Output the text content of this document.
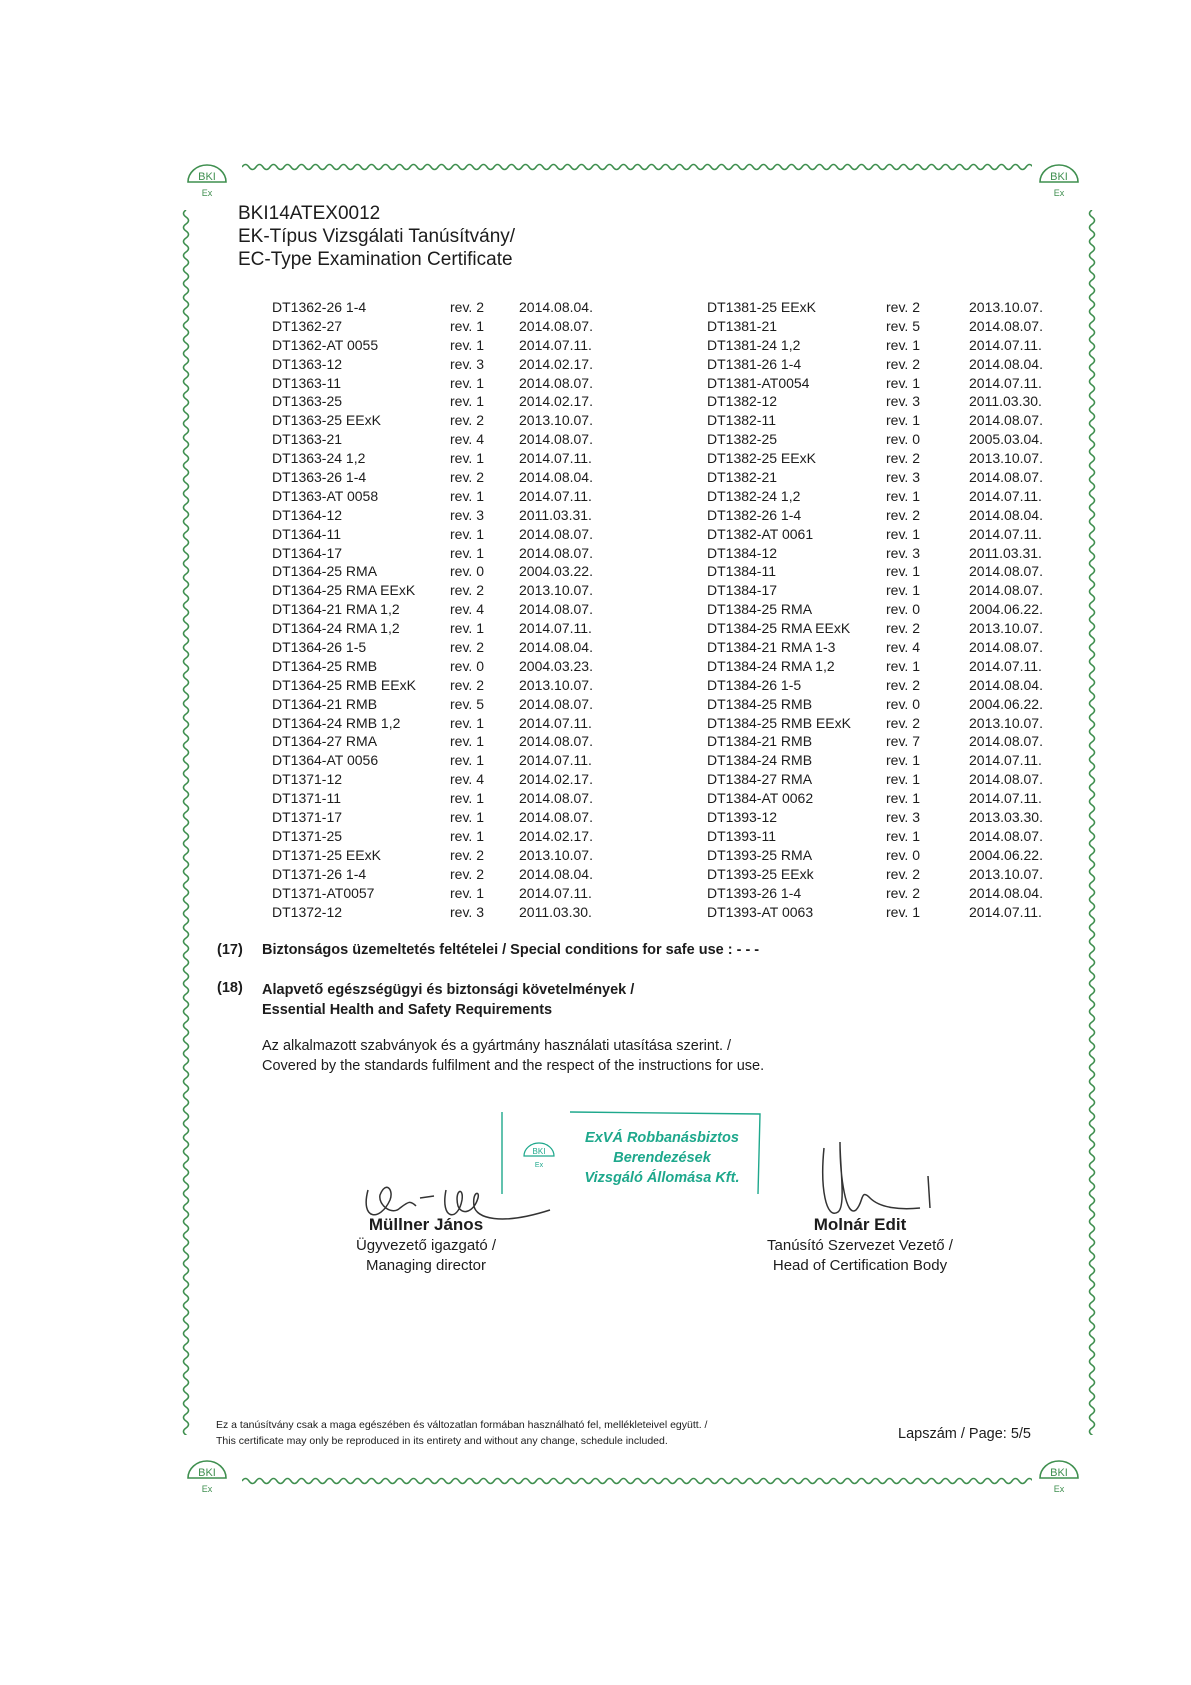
BKI
Ex
BKI
Ex
BKI
Ex
BKI
Ex
BKI14ATEX0012
EK-Típus Vizsgálati Tanúsítvány/
EC-Type Examination Certificate
DT1362-26 1-4	rev. 2	2014.08.04.
DT1362-27	rev. 1	2014.08.07.
DT1362-AT 0055	rev. 1	2014.07.11.
DT1363-12	rev. 3	2014.02.17.
DT1363-11	rev. 1	2014.08.07.
DT1363-25	rev. 1	2014.02.17.
DT1363-25 EExK	rev. 2	2013.10.07.
DT1363-21	rev. 4	2014.08.07.
DT1363-24 1,2	rev. 1	2014.07.11.
DT1363-26 1-4	rev. 2	2014.08.04.
DT1363-AT 0058	rev. 1	2014.07.11.
DT1364-12	rev. 3	2011.03.31.
DT1364-11	rev. 1	2014.08.07.
DT1364-17	rev. 1	2014.08.07.
DT1364-25 RMA	rev. 0	2004.03.22.
DT1364-25 RMA EExK rev. 2	2013.10.07.
DT1364-21 RMA 1,2	rev. 4	2014.08.07.
DT1364-24 RMA 1,2	rev. 1	2014.07.11.
DT1364-26 1-5	rev. 2	2014.08.04.
DT1364-25 RMB	rev. 0	2004.03.23.
DT1364-25 RMB EExK rev. 2	2013.10.07.
DT1364-21 RMB	rev. 5	2014.08.07.
DT1364-24 RMB 1,2	rev. 1	2014.07.11.
DT1364-27 RMA	rev. 1	2014.08.07.
DT1364-AT 0056	rev. 1	2014.07.11.
DT1371-12	rev. 4	2014.02.17.
DT1371-11	rev. 1	2014.08.07.
DT1371-17	rev. 1	2014.08.07.
DT1371-25	rev. 1	2014.02.17.
DT1371-25 EExK	rev. 2	2013.10.07.
DT1371-26 1-4	rev. 2	2014.08.04.
DT1371-AT0057	rev. 1	2014.07.11.
DT1372-12	rev. 3	2011.03.30.
DT1381-25 EExK	rev. 2	2013.10.07.
DT1381-21	rev. 5	2014.08.07.
DT1381-24 1,2	rev. 1	2014.07.11.
DT1381-26 1-4	rev. 2	2014.08.04.
DT1381-AT0054	rev. 1	2014.07.11.
DT1382-12	rev. 3	2011.03.30.
DT1382-11	rev. 1	2014.08.07.
DT1382-25	rev. 0	2005.03.04.
DT1382-25 EExK	rev. 2	2013.10.07.
DT1382-21	rev. 3	2014.08.07.
DT1382-24 1,2	rev. 1	2014.07.11.
DT1382-26 1-4	rev. 2	2014.08.04.
DT1382-AT 0061	rev. 1	2014.07.11.
DT1384-12	rev. 3	2011.03.31.
DT1384-11	rev. 1	2014.08.07.
DT1384-17	rev. 1	2014.08.07.
DT1384-25 RMA	rev. 0	2004.06.22.
DT1384-25 RMA EExK	rev. 2	2013.10.07.
DT1384-21 RMA 1-3	rev. 4	2014.08.07.
DT1384-24 RMA 1,2	rev. 1	2014.07.11.
DT1384-26 1-5	rev. 2	2014.08.04.
DT1384-25 RMB	rev. 0	2004.06.22.
DT1384-25 RMB EExK	rev. 2	2013.10.07.
DT1384-21 RMB	rev. 7	2014.08.07.
DT1384-24 RMB	rev. 1	2014.07.11.
DT1384-27 RMA	rev. 1	2014.08.07.
DT1384-AT 0062	rev. 1	2014.07.11.
DT1393-12	rev. 3	2013.03.30.
DT1393-11	rev. 1	2014.08.07.
DT1393-25 RMA	rev. 0	2004.06.22.
DT1393-25 EExk	rev. 2	2013.10.07.
DT1393-26 1-4	rev. 2	2014.08.04.
DT1393-AT 0063	rev. 1	2014.07.11.
(17) Biztonságos üzemeltetés feltételei / Special conditions for safe use : - - -
(18) Alapvető egészségügyi és biztonsági követelmények /
Essential Health and Safety Requirements
Az alkalmazott szabványok és a gyártmány használati utasítása szerint. /
Covered by the standards fulfilment and the respect of the instructions for use.
BKI
Ex
ExVÁ Robbanásbiztos
Berendezések
Vizsgáló Állomása Kft.
Müllner János
Ügyvezető igazgató /
Managing director
Molnár Edit
Tanúsító Szervezet Vezető /
Head of Certification Body
Ez a tanúsítvány csak a maga egészében és változatlan formában használható fel, mellékleteivel együtt. /
This certificate may only be reproduced in its entirety and without any change, schedule included.	Lapszám / Page: 5/5
